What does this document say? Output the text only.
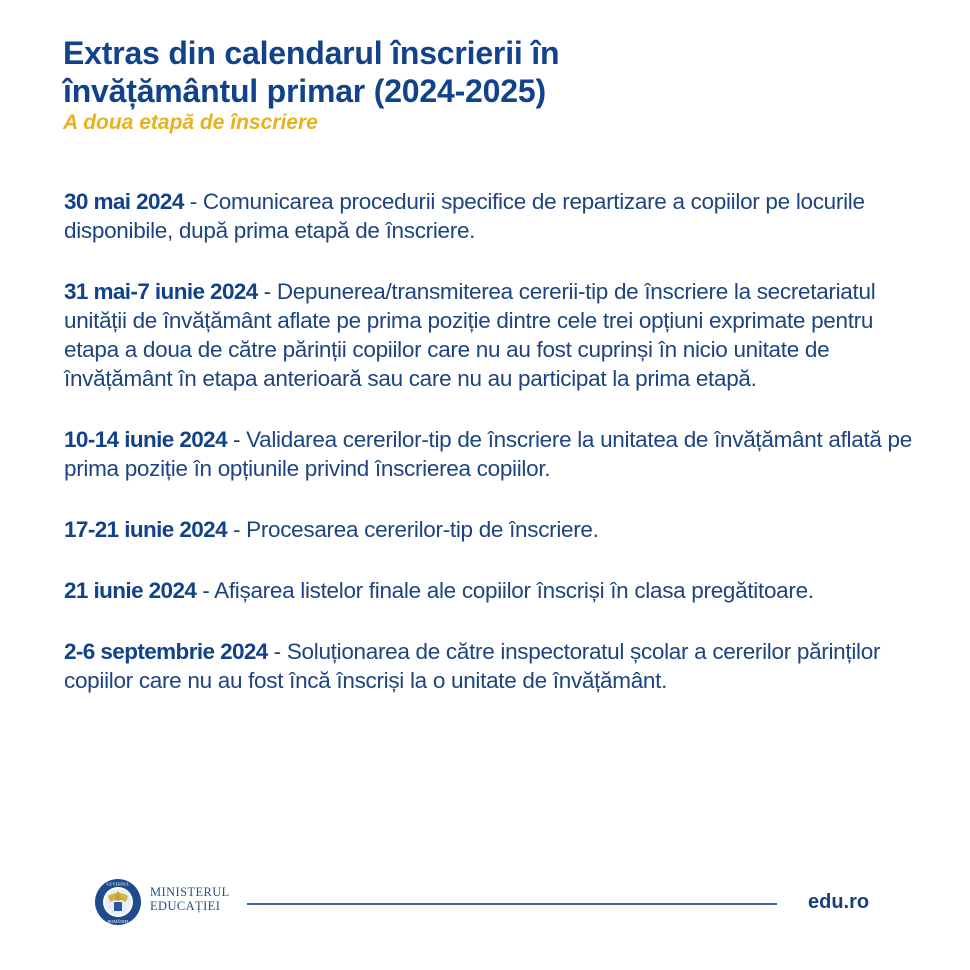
Extras din calendarul înscrierii în
învățământul primar (2024-2025)

A doua etapă de înscriere

30 mai 2024 - Comunicarea procedurii specifice de repartizare a copiilor pe locurile disponibile, după prima etapă de înscriere.

31 mai-7 iunie 2024 - Depunerea/transmiterea cererii-tip de înscriere la secretariatul unității de învățământ aflate pe prima poziție dintre cele trei opțiuni exprimate pentru etapa a doua de către părinții copiilor care nu au fost cuprinși în nicio unitate de învățământ în etapa anterioară sau care nu au participat la prima etapă.

10-14 iunie 2024 - Validarea cererilor-tip de înscriere la unitatea de învățământ aflată pe prima poziție în opțiunile privind înscrierea copiilor.

17-21 iunie 2024 - Procesarea cererilor-tip de înscriere.

21 iunie 2024 - Afișarea listelor finale ale copiilor înscriși în clasa pregătitoare.

2-6 septembrie 2024 - Soluționarea de către inspectoratul școlar a cererilor părinților copiilor care nu au fost încă înscriși la o unitate de învățământ.

GUVERNUL
ROMÂNIEI
MINISTERUL
EDUCAȚIEI	edu.ro
